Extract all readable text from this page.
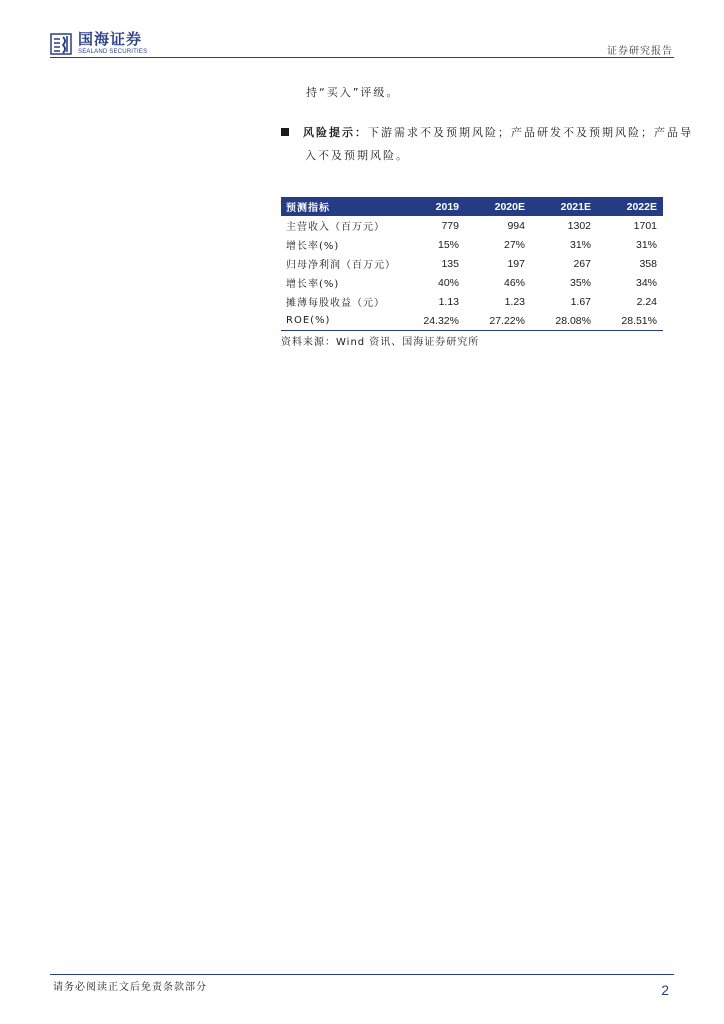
国海证券
SEALAND SECURITIES	证券研究报告
持“买入”评级。
风险提示：下游需求不及预期风险；产品研发不及预期风险；产品导
入不及预期风险。
预测指标	2019	2020E	2021E	2022E
主营收入（百万元）	779	994	1302	1701
增长率(%)	15%	27%	31%	31%
归母净利润（百万元）	135	197	267	358
增长率(%)	40%	46%	35%	34%
摊薄每股收益（元）	1.13	1.23	1.67	2.24
ROE(%)	24.32%	27.22%	28.08%	28.51%
资料来源：Wind 资讯、国海证券研究所
请务必阅读正文后免责条款部分	2
